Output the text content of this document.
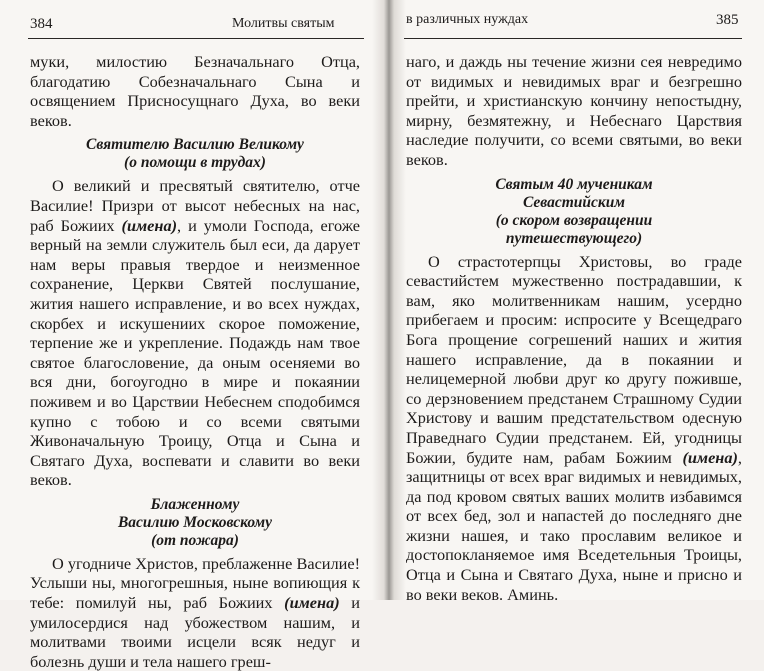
384	Молитвы святым

муки, милостию Безначальнаго Отца, благодатию Собезначальнаго Сына и освящением Присносущнаго Духа, во веки веков.

Святителю Василию Великому
(о помощи в трудах)

О великий и пресвятый святителю, отче Василие! Призри от высот небесных на нас, раб Божиих (имена), и умоли Господа, егоже верный на земли служитель был еси, да дарует нам веры правыя твердое и неизменное сохранение, Церкви Святей послушание, жития нашего исправление, и во всех нуждах, скорбех и искушениих скорое поможение, терпение же и укрепление. Подаждь нам твое святое благословение, да оным осеняеми во вся дни, богоугодно в мире и покаянии поживем и во Царствии Небеснем сподобимся купно с тобою и со всеми святыми Живоначальную Троицу, Отца и Сына и Святаго Духа, воспевати и славити во веки веков.

Блаженному
Василию Московскому
(от пожара)

О угодниче Христов, преблаженне Василие! Услыши ны, многогрешныя, ныне вопиющия к тебе: помилуй ны, раб Божиих (имена) и умилосердися над убожеством нашим, и молитвами твоими исцели всяк недуг и болезнь души и тела нашего греш-

в различных нуждах	385

наго, и даждь ны течение жизни сея невредимо от видимых и невидимых враг и безгрешно прейти, и христианскую кончину непостыдну, мирну, безмятежну, и Небеснаго Царствия наследие получити, со всеми святыми, во веки веков.

Святым 40 мученикам
Севастийским
(о скором возвращении
путешествующего)

О страстотерпцы Христовы, во граде севастийстем мужественно пострадавшии, к вам, яко молитвенникам нашим, усердно прибегаем и просим: испросите у Всещедраго Бога прощение согрешений наших и жития нашего исправление, да в покаянии и нелицемерной любви друг ко другу поживше, со дерзновением предстанем Страшному Судии Христову и вашим предстательством одесную Праведнаго Судии предстанем. Ей, угодницы Божии, будите нам, рабам Божиим (имена), защитницы от всех враг видимых и невидимых, да под кровом святых ваших молитв избавимся от всех бед, зол и напастей до последняго дне жизни нашея, и тако прославим великое и достопокланяемое имя Вседетельныя Троицы, Отца и Сына и Святаго Духа, ныне и присно и во веки веков. Аминь.
